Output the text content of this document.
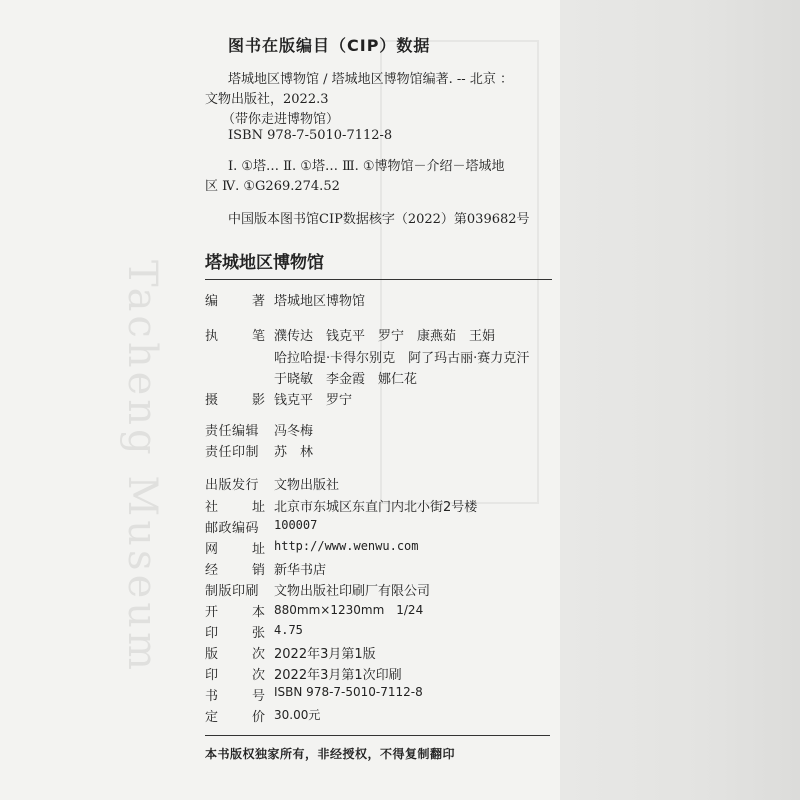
Tacheng Museum
图书在版编目（CIP）数据
塔城地区博物馆 / 塔城地区博物馆编著. -- 北京 ：
文物出版社，2022.3
（带你走进博物馆）
ISBN 978-7-5010-7112-8
Ⅰ. ①塔… Ⅱ. ①塔… Ⅲ. ①博物馆－介绍－塔城地
区 Ⅳ. ①G269.274.52
中国版本图书馆CIP数据核字（2022）第039682号
塔城地区博物馆
编	著 塔城地区博物馆
执	笔 濮传达　钱克平　罗宁　康燕茹　王娟
哈拉哈提·卡得尔别克　阿了玛古丽·赛力克汗
于晓敏　李金霞　娜仁花
摄	影 钱克平　罗宁
责任编辑 冯冬梅
责任印制 苏　林
出版发行 文物出版社
社	址 北京市东城区东直门内北小街2号楼
邮政编码 100007
网	址 http://www.wenwu.com
经	销 新华书店
制版印刷 文物出版社印刷厂有限公司
开	本 880mm×1230mm　1/24
印	张 4.75
版	次 2022年3月第1版
印	次 2022年3月第1次印刷
书	号 ISBN 978-7-5010-7112-8
定	价 30.00元
本书版权独家所有，非经授权，不得复制翻印
